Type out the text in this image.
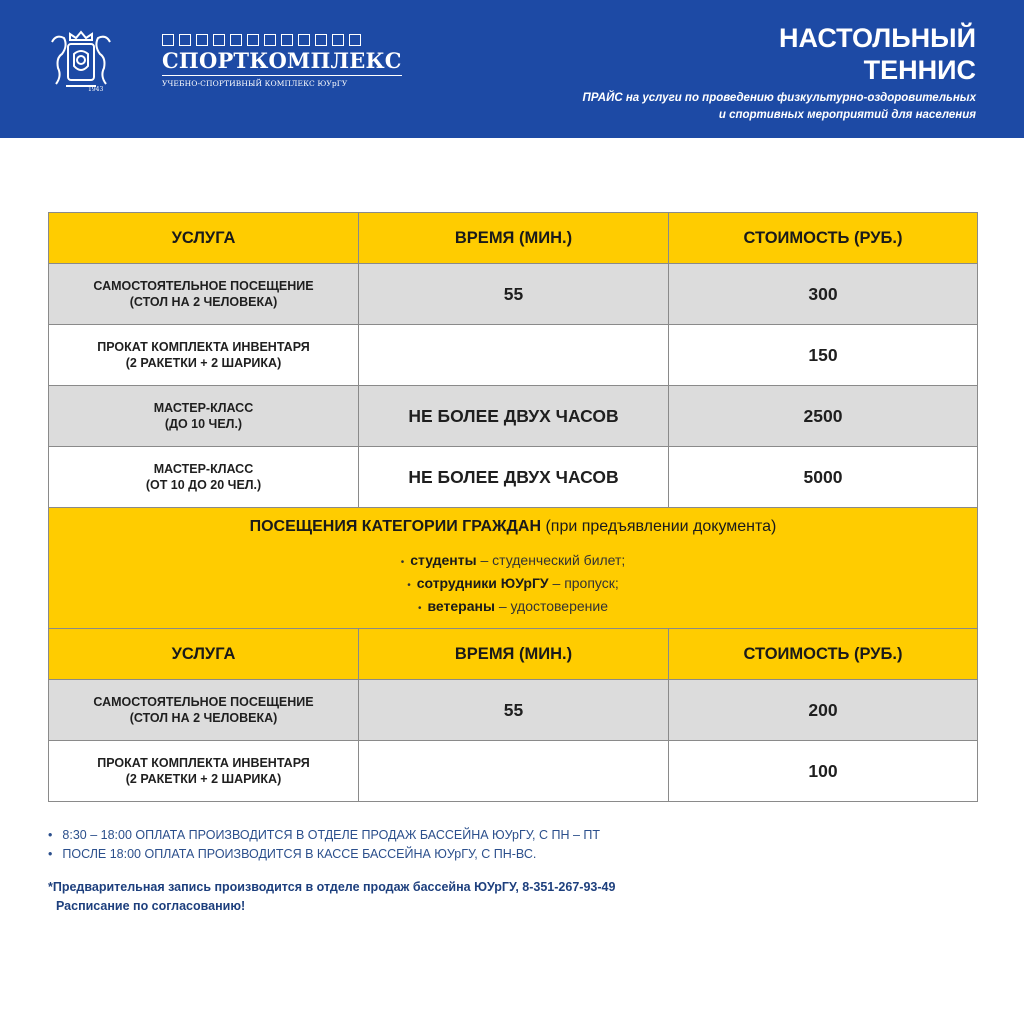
1943
СПОРТКОМПЛЕКС
УЧЕБНО-СПОРТИВНЫЙ КОМПЛЕКС ЮУрГУ
НАСТОЛЬНЫЙ
ТЕННИС
ПРАЙС на услуги по проведению физкультурно-оздоровительных
и спортивных мероприятий для населения
УСЛУГА	ВРЕМЯ (МИН.)	СТОИМОСТЬ (РУБ.)

САМОСТОЯТЕЛЬНОЕ ПОСЕЩЕНИЕ
(СТОЛ НА 2 ЧЕЛОВЕКА)	55	300

ПРОКАТ КОМПЛЕКТА ИНВЕНТАРЯ
(2 РАКЕТКИ + 2 ШАРИКА)		150

МАСТЕР-КЛАСС
(ДО 10 ЧЕЛ.)	НЕ БОЛЕЕ ДВУХ ЧАСОВ	2500

МАСТЕР-КЛАСС
(ОТ 10 ДО 20 ЧЕЛ.)	НЕ БОЛЕЕ ДВУХ ЧАСОВ	5000

ПОСЕЩЕНИЯ КАТЕГОРИИ ГРАЖДАН (при предъявлении документа)
• студенты – студенческий билет;
• сотрудники ЮУрГУ – пропуск;
• ветераны – удостоверение		

УСЛУГА	ВРЕМЯ (МИН.)	СТОИМОСТЬ (РУБ.)

САМОСТОЯТЕЛЬНОЕ ПОСЕЩЕНИЕ
(СТОЛ НА 2 ЧЕЛОВЕКА)	55	200

ПРОКАТ КОМПЛЕКТА ИНВЕНТАРЯ
(2 РАКЕТКИ + 2 ШАРИКА)		100
• 8:30 – 18:00 ОПЛАТА ПРОИЗВОДИТСЯ В ОТДЕЛЕ ПРОДАЖ БАССЕЙНА ЮУрГУ, С ПН – ПТ
• ПОСЛЕ 18:00 ОПЛАТА ПРОИЗВОДИТСЯ В КАССЕ БАССЕЙНА ЮУрГУ, С ПН-ВС.
*Предварительная запись производится в отделе продаж бассейна ЮУрГУ, 8-351-267-93-49
Расписание по согласованию!
